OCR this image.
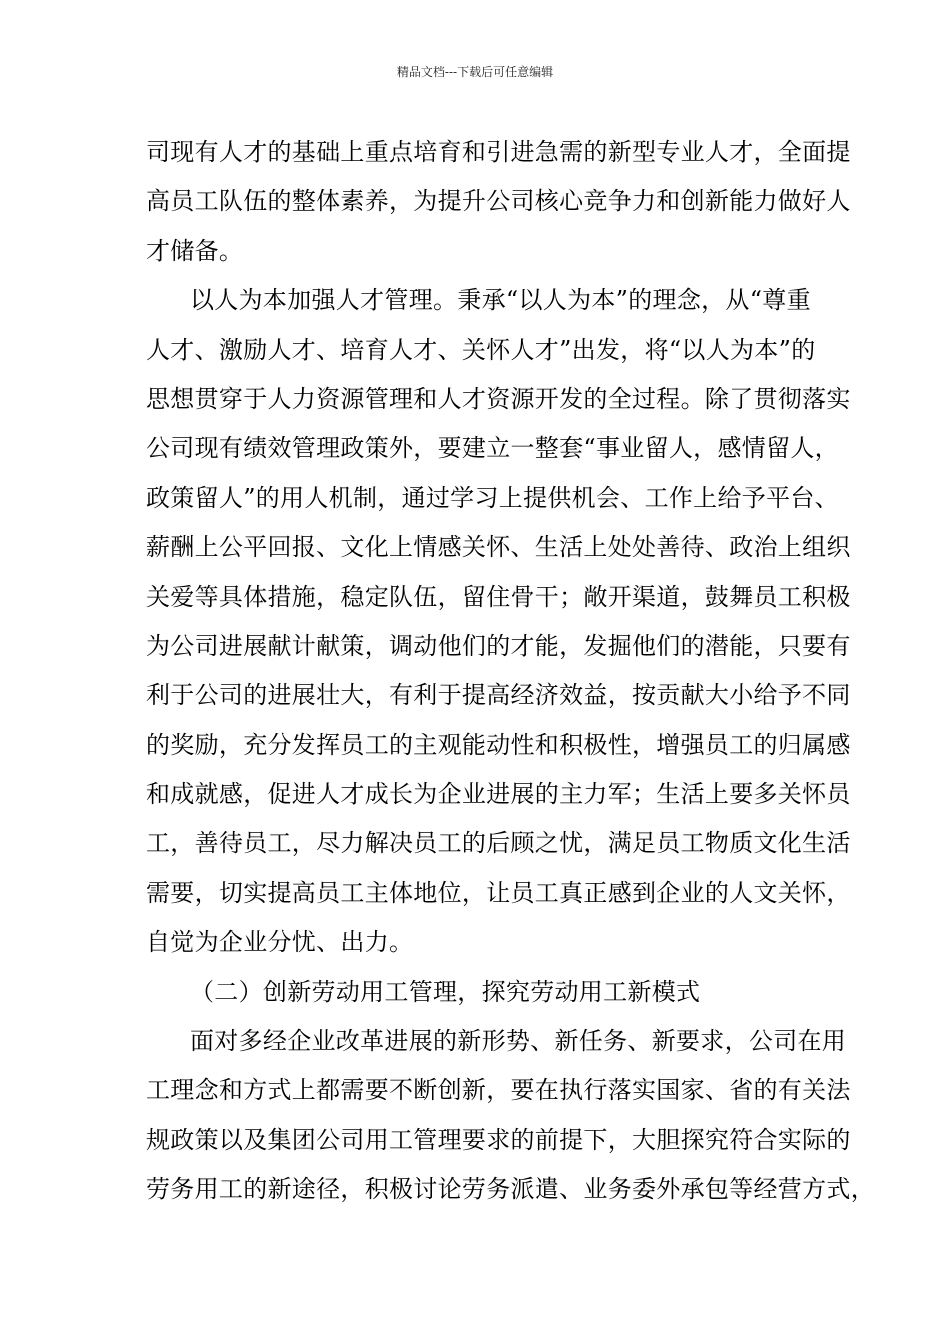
精品文档---下载后可任意编辑
司现有人才的基础上重点培育和引进急需的新型专业人才，全面提
高员工队伍的整体素养，为提升公司核心竞争力和创新能力做好人
才储备。
以人为本加强人才管理。秉承“以人为本”的理念，从“尊重
人才、激励人才、培育人才、关怀人才”出发，将“以人为本”的
思想贯穿于人力资源管理和人才资源开发的全过程。除了贯彻落实
公司现有绩效管理政策外，要建立一整套“事业留人，感情留人，
政策留人”的用人机制，通过学习上提供机会、工作上给予平台、
薪酬上公平回报、文化上情感关怀、生活上处处善待、政治上组织
关爱等具体措施，稳定队伍，留住骨干；敞开渠道，鼓舞员工积极
为公司进展献计献策，调动他们的才能，发掘他们的潜能，只要有
利于公司的进展壮大，有利于提高经济效益，按贡献大小给予不同
的奖励，充分发挥员工的主观能动性和积极性，增强员工的归属感
和成就感，促进人才成长为企业进展的主力军；生活上要多关怀员
工，善待员工，尽力解决员工的后顾之忧，满足员工物质文化生活
需要，切实提高员工主体地位，让员工真正感到企业的人文关怀，
自觉为企业分忧、出力。
（二）创新劳动用工管理，探究劳动用工新模式
面对多经企业改革进展的新形势、新任务、新要求，公司在用
工理念和方式上都需要不断创新，要在执行落实国家、省的有关法
规政策以及集团公司用工管理要求的前提下，大胆探究符合实际的
劳务用工的新途径，积极讨论劳务派遣、业务委外承包等经营方式，
